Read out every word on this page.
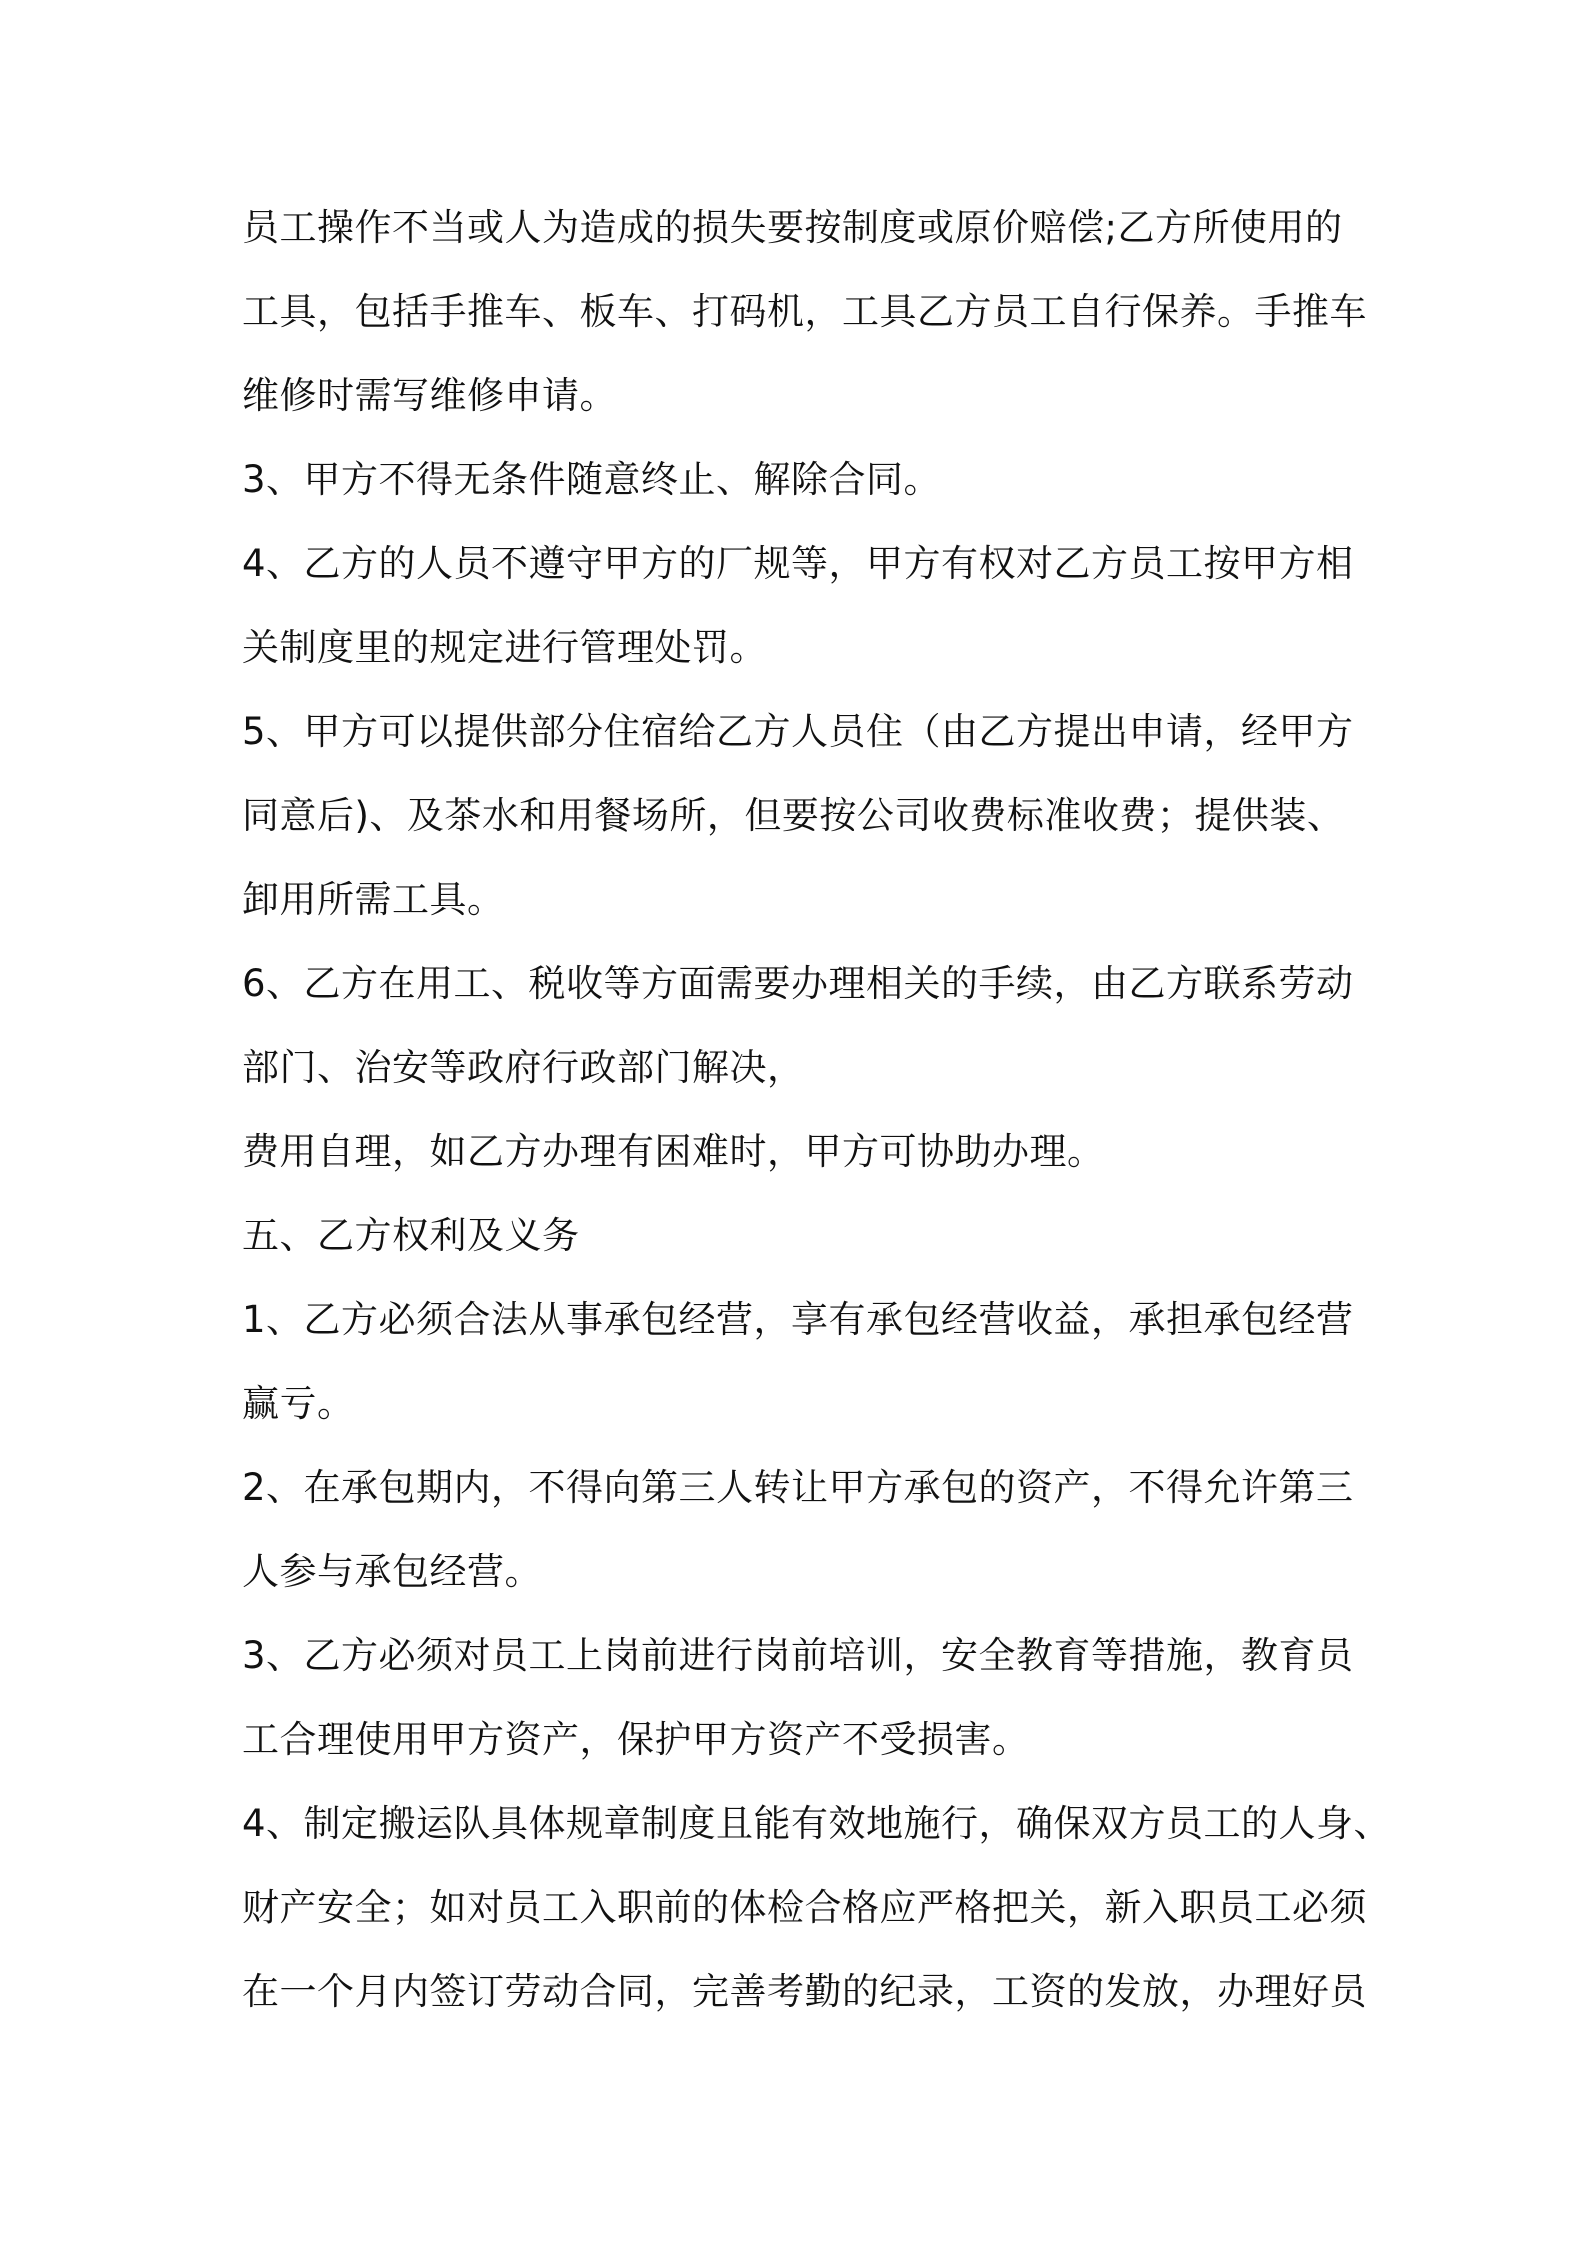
员工操作不当或人为造成的损失要按制度或原价赔偿;乙方所使用的
工具，包括手推车、板车、打码机，工具乙方员工自行保养。手推车
维修时需写维修申请。
3、甲方不得无条件随意终止、解除合同。
4、乙方的人员不遵守甲方的厂规等，甲方有权对乙方员工按甲方相
关制度里的规定进行管理处罚。
5、甲方可以提供部分住宿给乙方人员住（由乙方提出申请，经甲方
同意后)、及茶水和用餐场所，但要按公司收费标准收费；提供装、
卸用所需工具。
6、乙方在用工、税收等方面需要办理相关的手续，由乙方联系劳动
部门、治安等政府行政部门解决，
费用自理，如乙方办理有困难时，甲方可协助办理。
五、乙方权利及义务
1、乙方必须合法从事承包经营，享有承包经营收益，承担承包经营
赢亏。
2、在承包期内，不得向第三人转让甲方承包的资产，不得允许第三
人参与承包经营。
3、乙方必须对员工上岗前进行岗前培训，安全教育等措施，教育员
工合理使用甲方资产，保护甲方资产不受损害。
4、制定搬运队具体规章制度且能有效地施行，确保双方员工的人身、
财产安全；如对员工入职前的体检合格应严格把关，新入职员工必须
在一个月内签订劳动合同，完善考勤的纪录，工资的发放，办理好员
